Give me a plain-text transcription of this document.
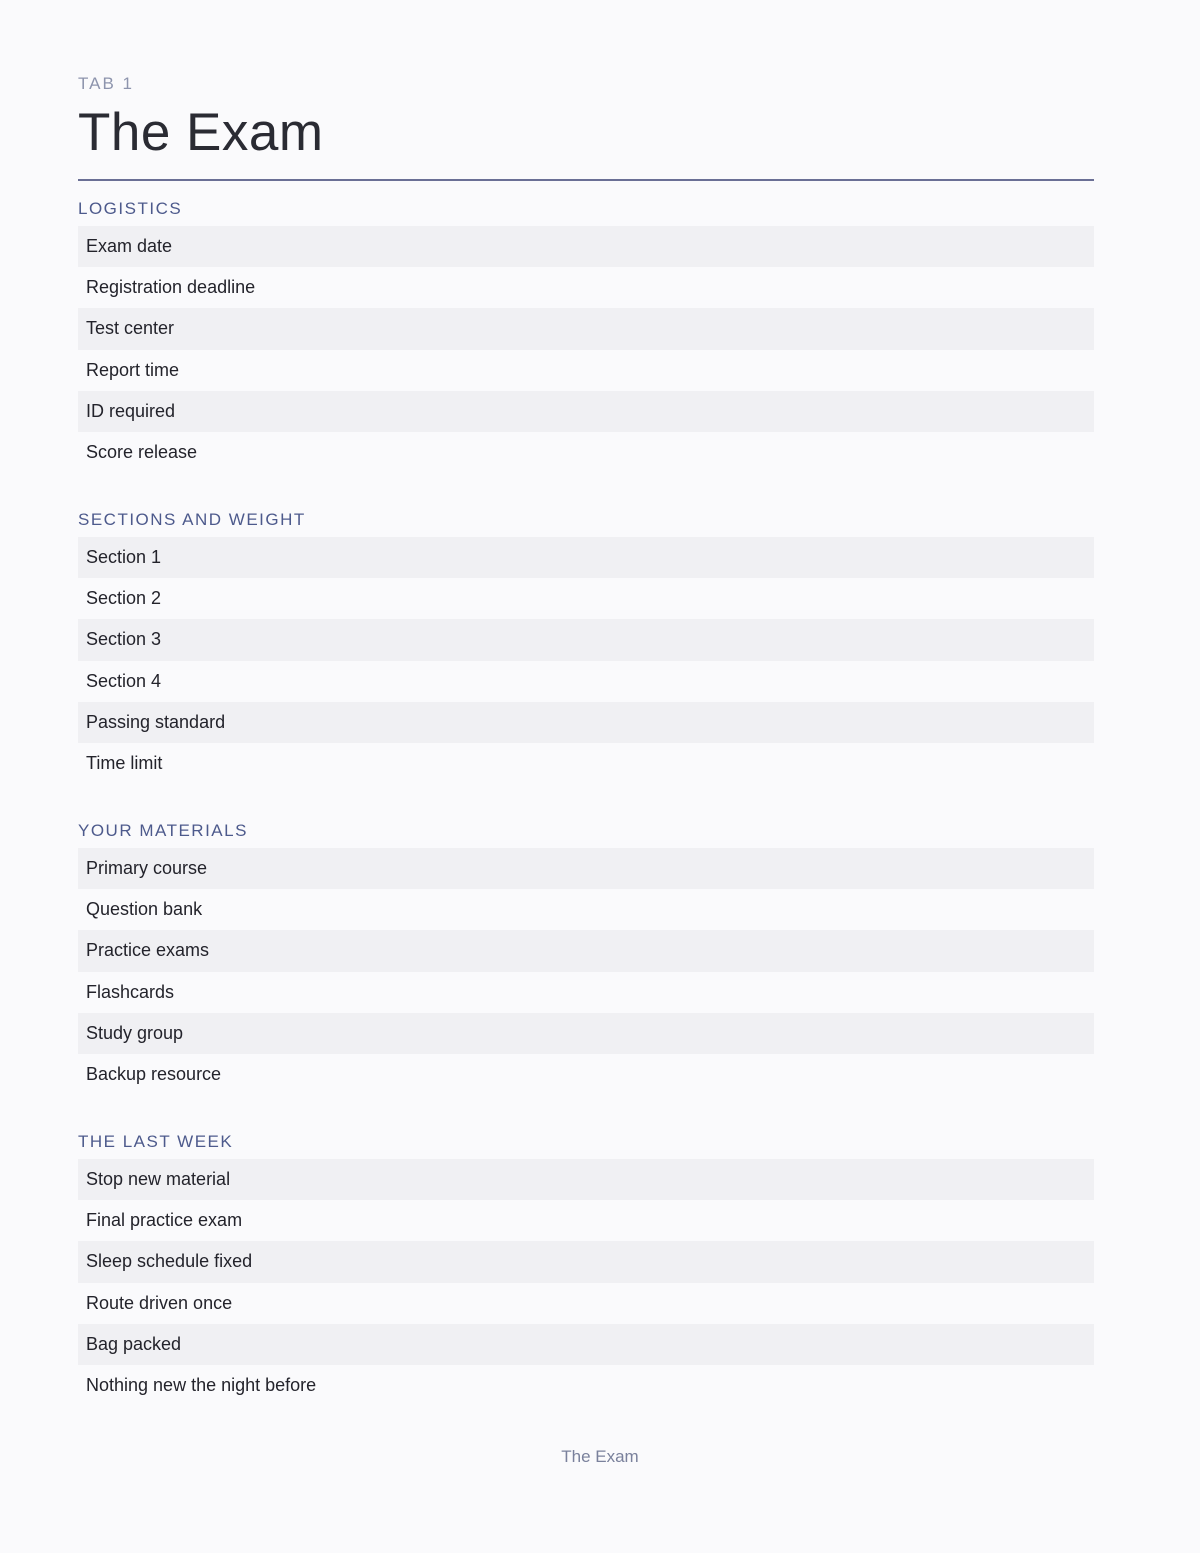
TAB 1
The Exam
LOGISTICS
Exam date
Registration deadline
Test center
Report time
ID required
Score release
SECTIONS AND WEIGHT
Section 1
Section 2
Section 3
Section 4
Passing standard
Time limit
YOUR MATERIALS
Primary course
Question bank
Practice exams
Flashcards
Study group
Backup resource
THE LAST WEEK
Stop new material
Final practice exam
Sleep schedule fixed
Route driven once
Bag packed
Nothing new the night before
The Exam
